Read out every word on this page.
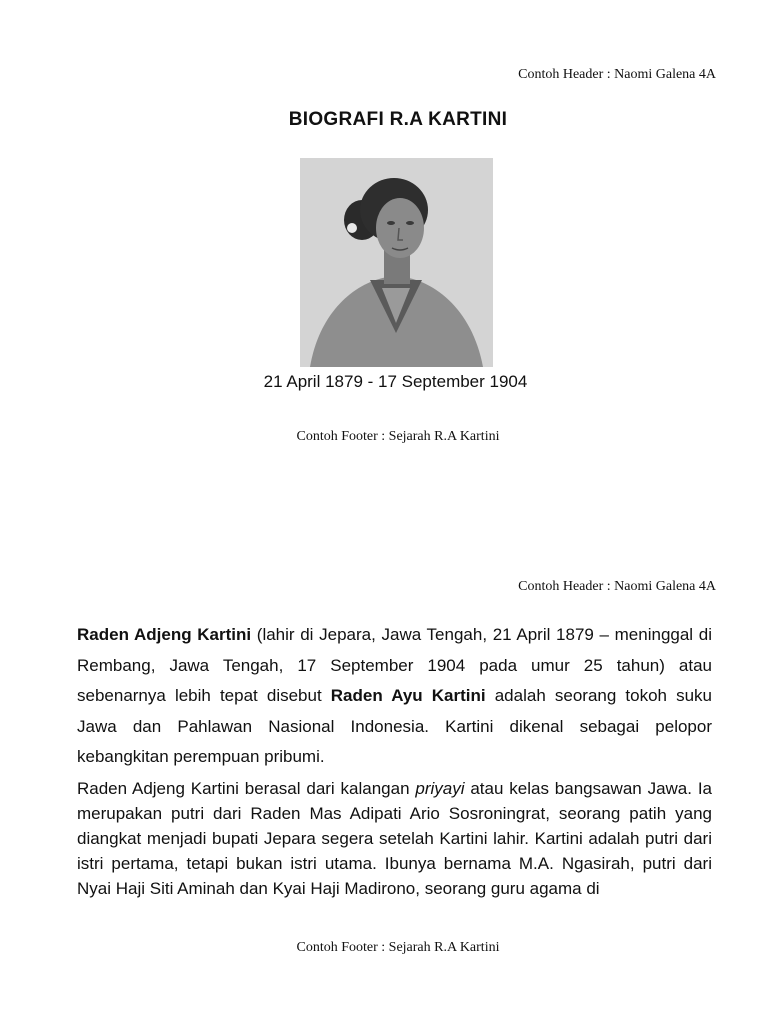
Contoh Header : Naomi Galena 4A
BIOGRAFI R.A KARTINI
21 April 1879 - 17 September 1904
Contoh Footer : Sejarah R.A Kartini
Contoh Header : Naomi Galena 4A

Raden Adjeng Kartini (lahir di Jepara, Jawa Tengah, 21 April 1879 – meninggal di Rembang, Jawa Tengah, 17 September 1904 pada umur 25 tahun) atau sebenarnya lebih tepat disebut Raden Ayu Kartini adalah seorang tokoh suku Jawa dan Pahlawan Nasional Indonesia. Kartini dikenal sebagai pelopor kebangkitan perempuan pribumi.

Raden Adjeng Kartini berasal dari kalangan priyayi atau kelas bangsawan Jawa. Ia merupakan putri dari Raden Mas Adipati Ario Sosroningrat, seorang patih yang diangkat menjadi bupati Jepara segera setelah Kartini lahir. Kartini adalah putri dari istri pertama, tetapi bukan istri utama. Ibunya bernama M.A. Ngasirah, putri dari Nyai Haji Siti Aminah dan Kyai Haji Madirono, seorang guru agama di

Contoh Footer : Sejarah R.A Kartini
